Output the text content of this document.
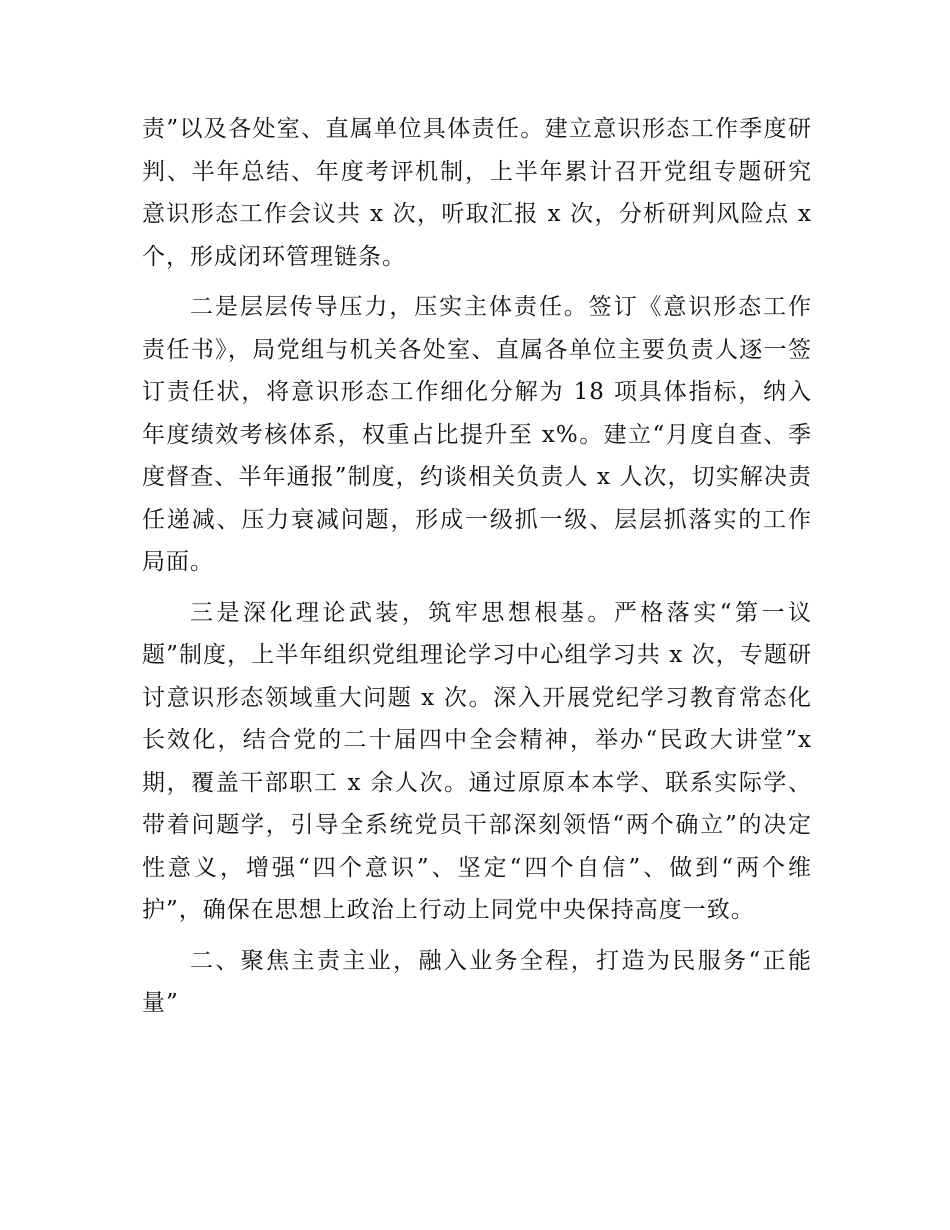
责”以及各处室、直属单位具体责任。建立意识形态工作季度研判、半年总结、年度考评机制，上半年累计召开党组专题研究意识形态工作会议共 x 次，听取汇报 x 次，分析研判风险点 x 个，形成闭环管理链条。

二是层层传导压力，压实主体责任。签订《意识形态工作责任书》，局党组与机关各处室、直属各单位主要负责人逐一签订责任状，将意识形态工作细化分解为 18 项具体指标，纳入年度绩效考核体系，权重占比提升至 x%。建立“月度自查、季度督查、半年通报”制度，约谈相关负责人 x 人次，切实解决责任递减、压力衰减问题，形成一级抓一级、层层抓落实的工作局面。

三是深化理论武装，筑牢思想根基。严格落实“第一议题”制度，上半年组织党组理论学习中心组学习共 x 次，专题研讨意识形态领域重大问题 x 次。深入开展党纪学习教育常态化长效化，结合党的二十届四中全会精神，举办“民政大讲堂”x 期，覆盖干部职工 x 余人次。通过原原本本学、联系实际学、带着问题学，引导全系统党员干部深刻领悟“两个确立”的决定性意义，增强“四个意识”、坚定“四个自信”、做到“两个维护”，确保在思想上政治上行动上同党中央保持高度一致。

二、聚焦主责主业，融入业务全程，打造为民服务“正能量”
